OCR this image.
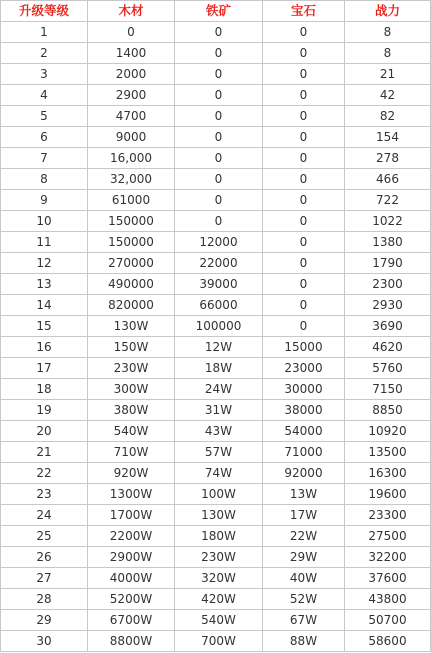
升级等级	木材	铁矿	宝石	战力
1	0	0	0	8
2	1400	0	0	8
3	2000	0	0	21
4	2900	0	0	42
5	4700	0	0	82
6	9000	0	0	154
7	16,000	0	0	278
8	32,000	0	0	466
9	61000	0	0	722
10	150000	0	0	1022
11	150000	12000	0	1380
12	270000	22000	0	1790
13	490000	39000	0	2300
14	820000	66000	0	2930
15	130W	100000	0	3690
16	150W	12W	15000	4620
17	230W	18W	23000	5760
18	300W	24W	30000	7150
19	380W	31W	38000	8850
20	540W	43W	54000	10920
21	710W	57W	71000	13500
22	920W	74W	92000	16300
23	1300W	100W	13W	19600
24	1700W	130W	17W	23300
25	2200W	180W	22W	27500
26	2900W	230W	29W	32200
27	4000W	320W	40W	37600
28	5200W	420W	52W	43800
29	6700W	540W	67W	50700
30	8800W	700W	88W	58600
